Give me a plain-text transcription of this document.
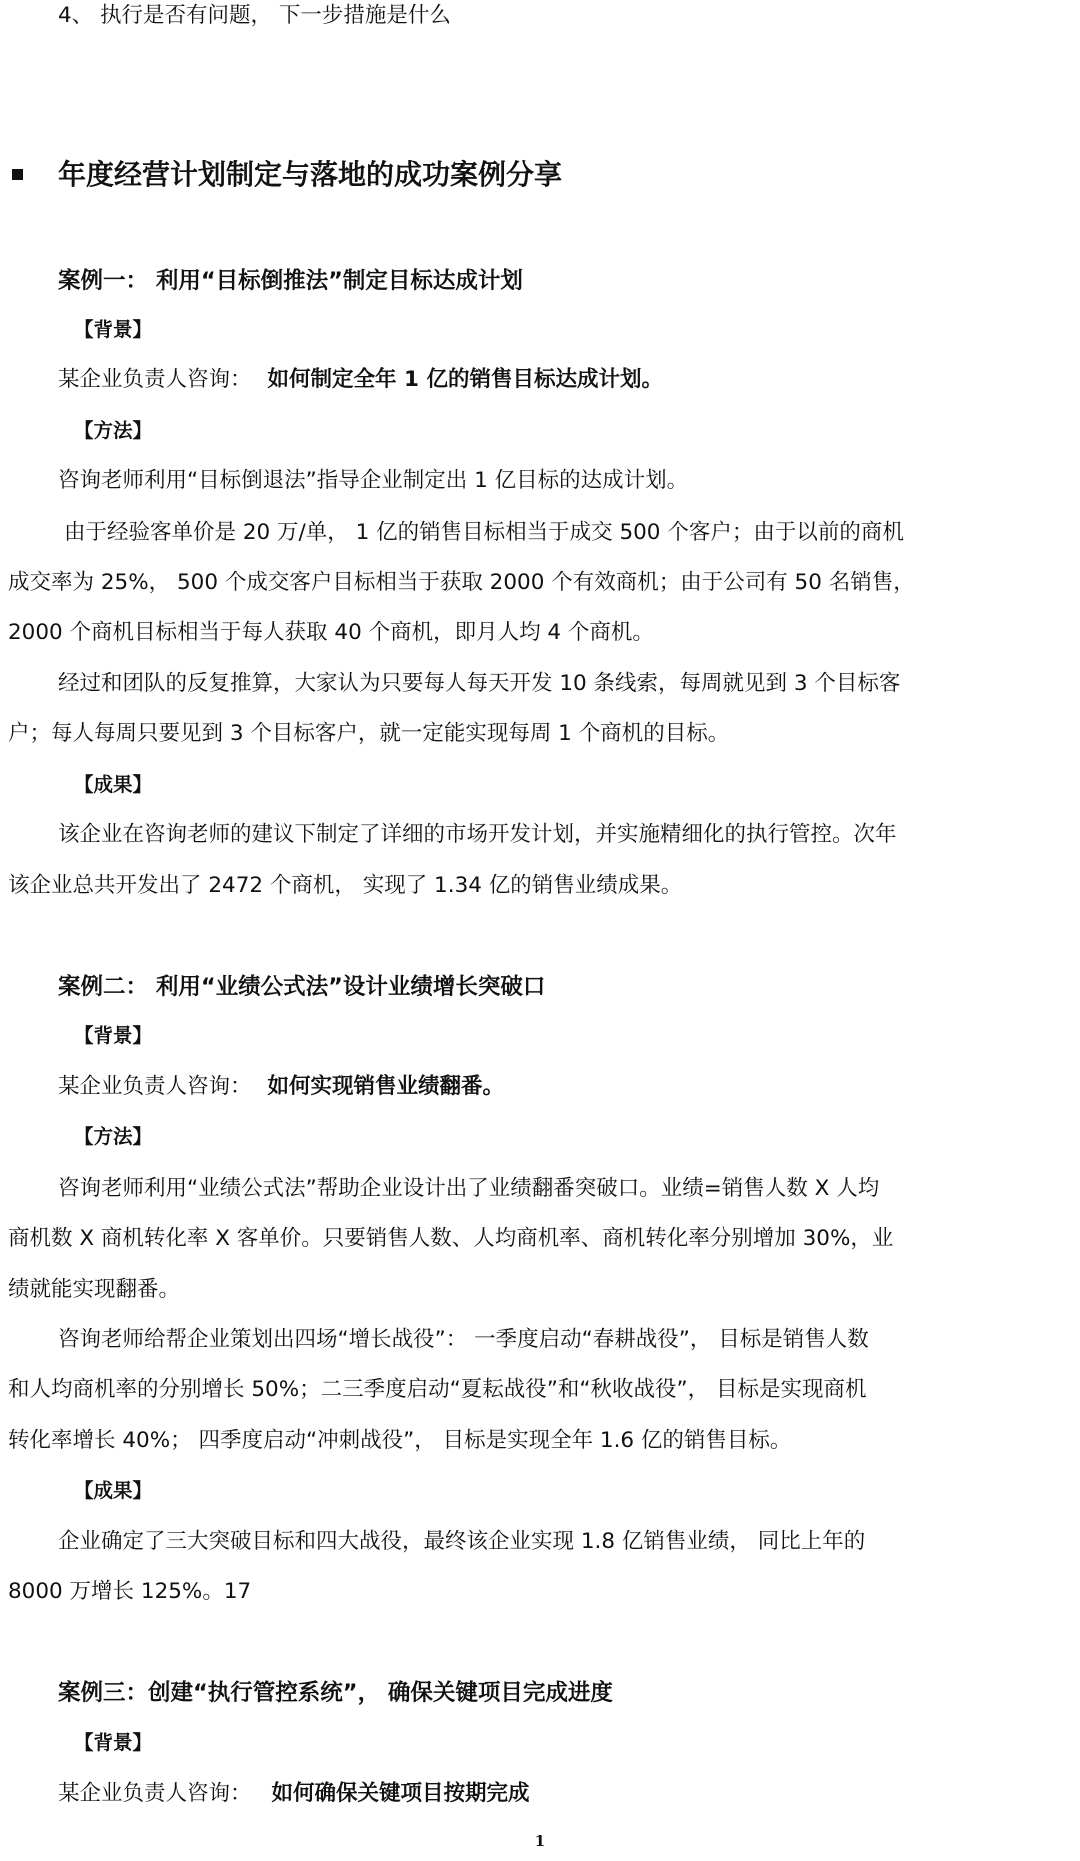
4、 执行是否有问题， 下一步措施是什么
年度经营计划制定与落地的成功案例分享
案例一： 利用“目标倒推法”制定目标达成计划
【背景】
某企业负责人咨询： 如何制定全年 1 亿的销售目标达成计划。
【方法】
咨询老师利用“目标倒退法”指导企业制定出 1 亿目标的达成计划。
由于经验客单价是 20 万/单， 1 亿的销售目标相当于成交 500 个客户；由于以前的商机
成交率为 25%， 500 个成交客户目标相当于获取 2000 个有效商机；由于公司有 50 名销售，
2000 个商机目标相当于每人获取 40 个商机，即月人均 4 个商机。
经过和团队的反复推算，大家认为只要每人每天开发 10 条线索，每周就见到 3 个目标客
户；每人每周只要见到 3 个目标客户，就一定能实现每周 1 个商机的目标。
【成果】
该企业在咨询老师的建议下制定了详细的市场开发计划，并实施精细化的执行管控。次年
该企业总共开发出了 2472 个商机， 实现了 1.34 亿的销售业绩成果。
案例二： 利用“业绩公式法”设计业绩增长突破口
【背景】
某企业负责人咨询： 如何实现销售业绩翻番。
【方法】
咨询老师利用“业绩公式法”帮助企业设计出了业绩翻番突破口。业绩=销售人数 X 人均
商机数 X 商机转化率 X 客单价。只要销售人数、人均商机率、商机转化率分别增加 30%，业
绩就能实现翻番。
咨询老师给帮企业策划出四场“增长战役”： 一季度启动“春耕战役”， 目标是销售人数
和人均商机率的分别增长 50%；二三季度启动“夏耘战役”和“秋收战役”， 目标是实现商机
转化率增长 40%； 四季度启动“冲刺战役”， 目标是实现全年 1.6 亿的销售目标。
【成果】
企业确定了三大突破目标和四大战役，最终该企业实现 1.8 亿销售业绩， 同比上年的
8000 万增长 125%。17
案例三：创建“执行管控系统”， 确保关键项目完成进度
【背景】
某企业负责人咨询： 如何确保关键项目按期完成
1
